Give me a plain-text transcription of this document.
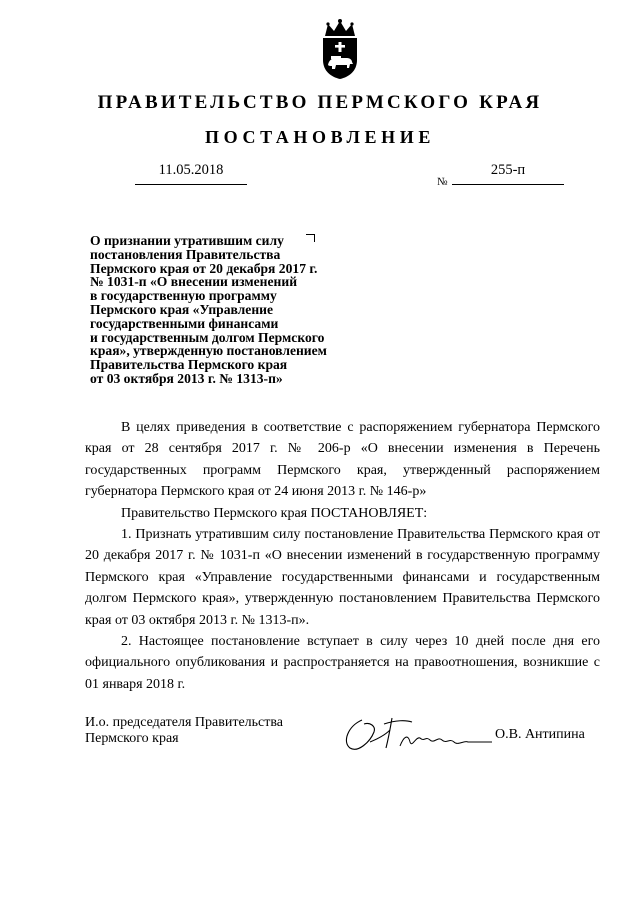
ПРАВИТЕЛЬСТВО ПЕРМСКОГО КРАЯ
ПОСТАНОВЛЕНИЕ
11.05.2018
№
255-п
О признании утратившим силу
постановления Правительства
Пермского края от 20 декабря 2017 г.
№ 1031-п «О внесении изменений
в государственную программу
Пермского края «Управление
государственными финансами
и государственным долгом Пермского
края», утвержденную постановлением
Правительства Пермского края
от 03 октября 2013 г. № 1313-п»

В целях приведения в соответствие с распоряжением губернатора Пермского края от 28 сентября 2017 г. № 206-р «О внесении изменения в Перечень государственных программ Пермского края, утвержденный распоряжением губернатора Пермского края от 24 июня 2013 г. № 146-р»

Правительство Пермского края ПОСТАНОВЛЯЕТ:

1. Признать утратившим силу постановление Правительства Пермского края от 20 декабря 2017 г. № 1031-п «О внесении изменений в государственную программу Пермского края «Управление государственными финансами и государственным долгом Пермского края», утвержденную постановлением Правительства Пермского края от 03 октября 2013 г. № 1313-п».

2. Настоящее постановление вступает в силу через 10 дней после дня его официального опубликования и распространяется на правоотношения, возникшие с 01 января 2018 г.

И.о. председателя Правительства
Пермского края	О.В. Антипина
